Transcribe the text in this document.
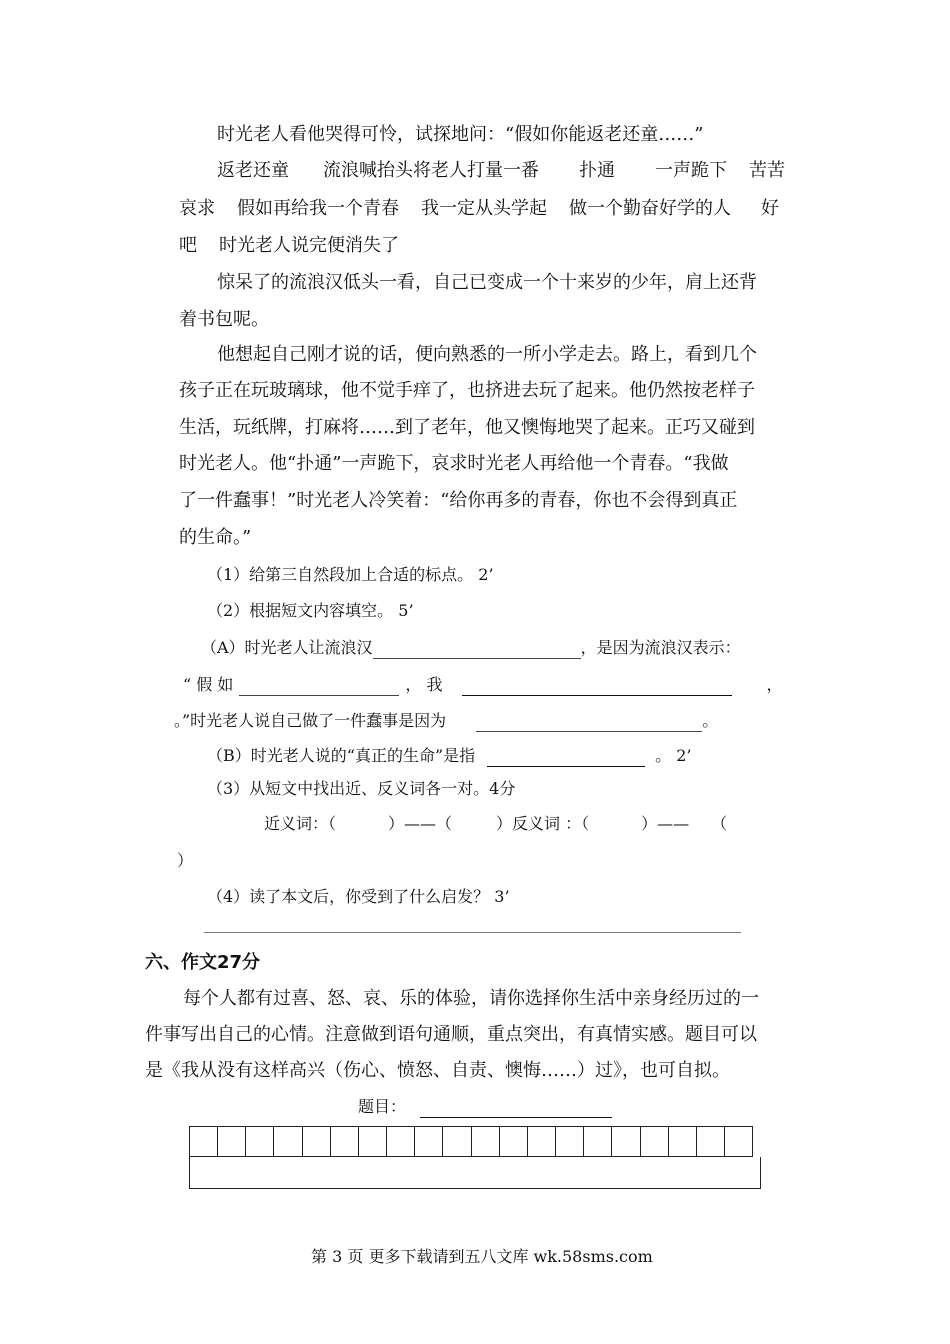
时光老人看他哭得可怜，试探地问：“假如你能返老还童……”
返老还童 流浪喊抬头将老人打量一番 扑通 一声跪下 苦苦
哀求 假如再给我一个青春 我一定从头学起 做一个勤奋好学的人 好
吧 时光老人说完便消失了
惊呆了的流浪汉低头一看，自己已变成一个十来岁的少年，肩上还背
着书包呢。
他想起自己刚才说的话，便向熟悉的一所小学走去。路上，看到几个
孩子正在玩玻璃球，他不觉手痒了，也挤进去玩了起来。他仍然按老样子
生活，玩纸牌，打麻将……到了老年，他又懊悔地哭了起来。正巧又碰到
时光老人。他“扑通”一声跪下，哀求时光老人再给他一个青春。“我做
了一件蠢事！”时光老人冷笑着：“给你再多的青春，你也不会得到真正
的生命。”
（1）给第三自然段加上合适的标点。 2’
（2）根据短文内容填空。 5’
（A）时光老人让流浪汉	，是因为流浪汉表示：
“ 假 如	， 我	，
。”时光老人说自己做了一件蠢事是因为	。
（B）时光老人说的“真正的生命”是指	。 2’
（3）从短文中找出近、反义词各一对。4分
近义词：（	）——（	）反义词 ：（	）—— （
）
（4）读了本文后，你受到了什么启发？ 3’
六、作文27分
每个人都有过喜、怒、哀、乐的体验，请你选择你生活中亲身经历过的一
件事写出自己的心情。注意做到语句通顺，重点突出，有真情实感。题目可以
是《我从没有这样高兴（伤心、愤怒、自责、懊悔……）过》，也可自拟。
题目：
第 3 页 更多下载请到五八文库 wk.58sms.com
